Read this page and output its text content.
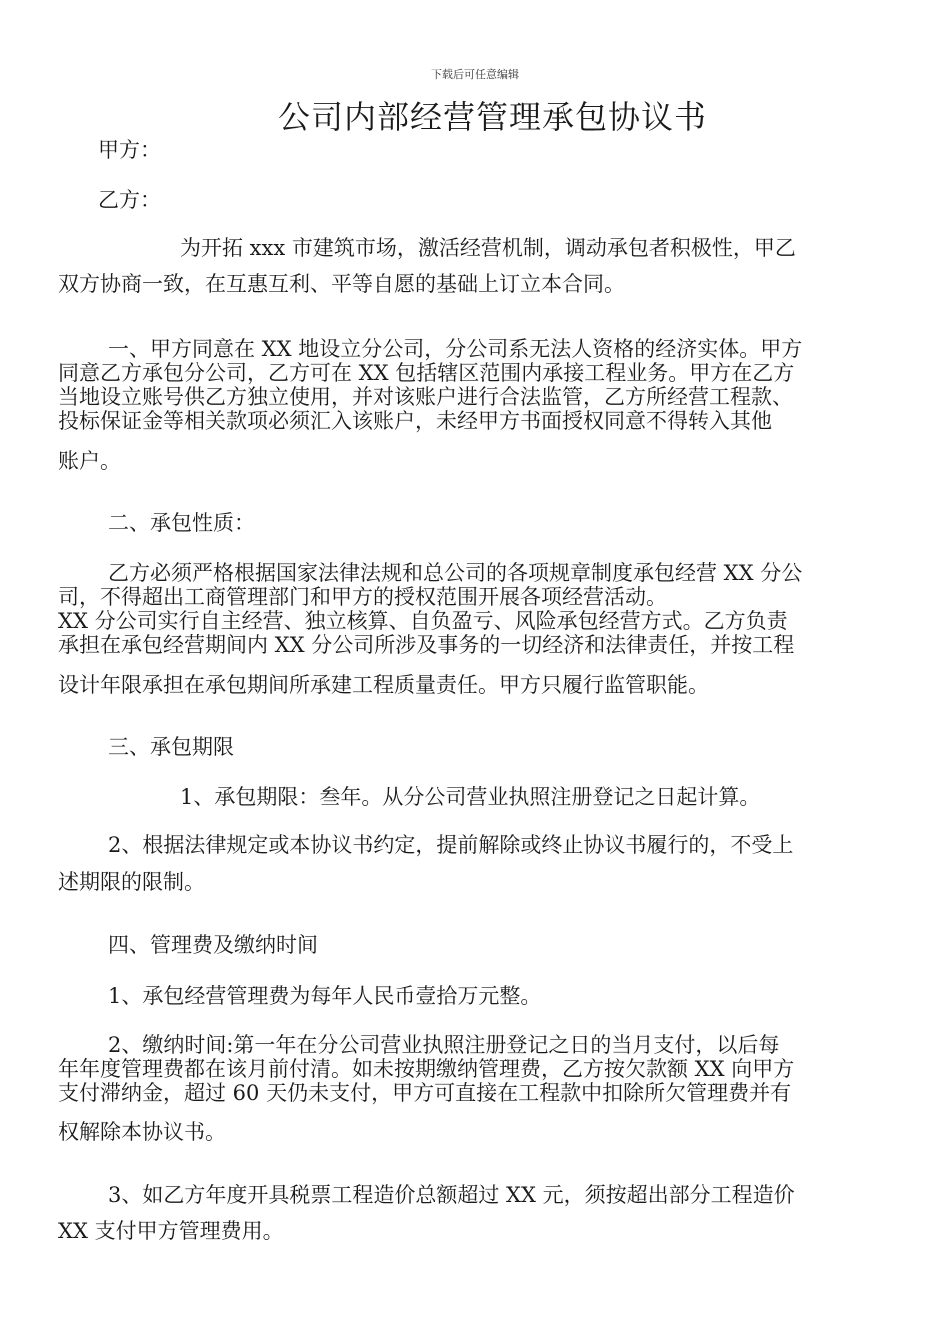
下载后可任意编辑
公司内部经营管理承包协议书
甲方：
乙方：
为开拓 xxx 市建筑市场，激活经营机制，调动承包者积极性，甲乙
双方协商一致，在互惠互利、平等自愿的基础上订立本合同。
一、甲方同意在 XX 地设立分公司，分公司系无法人资格的经济实体。甲方
同意乙方承包分公司，乙方可在 XX 包括辖区范围内承接工程业务。甲方在乙方
当地设立账号供乙方独立使用，并对该账户进行合法监管，乙方所经营工程款、
投标保证金等相关款项必须汇入该账户，未经甲方书面授权同意不得转入其他
账户。
二、承包性质：
乙方必须严格根据国家法律法规和总公司的各项规章制度承包经营 XX 分公
司，不得超出工商管理部门和甲方的授权范围开展各项经营活动。
XX 分公司实行自主经营、独立核算、自负盈亏、风险承包经营方式。乙方负责
承担在承包经营期间内 XX 分公司所涉及事务的一切经济和法律责任，并按工程
设计年限承担在承包期间所承建工程质量责任。甲方只履行监管职能。
三、承包期限
1、承包期限：叁年。从分公司营业执照注册登记之日起计算。
2、根据法律规定或本协议书约定，提前解除或终止协议书履行的，不受上
述期限的限制。
四、管理费及缴纳时间
1、承包经营管理费为每年人民币壹拾万元整。
2、缴纳时间:第一年在分公司营业执照注册登记之日的当月支付，以后每
年年度管理费都在该月前付清。如未按期缴纳管理费，乙方按欠款额 XX 向甲方
支付滞纳金，超过 60 天仍未支付，甲方可直接在工程款中扣除所欠管理费并有
权解除本协议书。
3、如乙方年度开具税票工程造价总额超过 XX 元，须按超出部分工程造价
XX 支付甲方管理费用。
